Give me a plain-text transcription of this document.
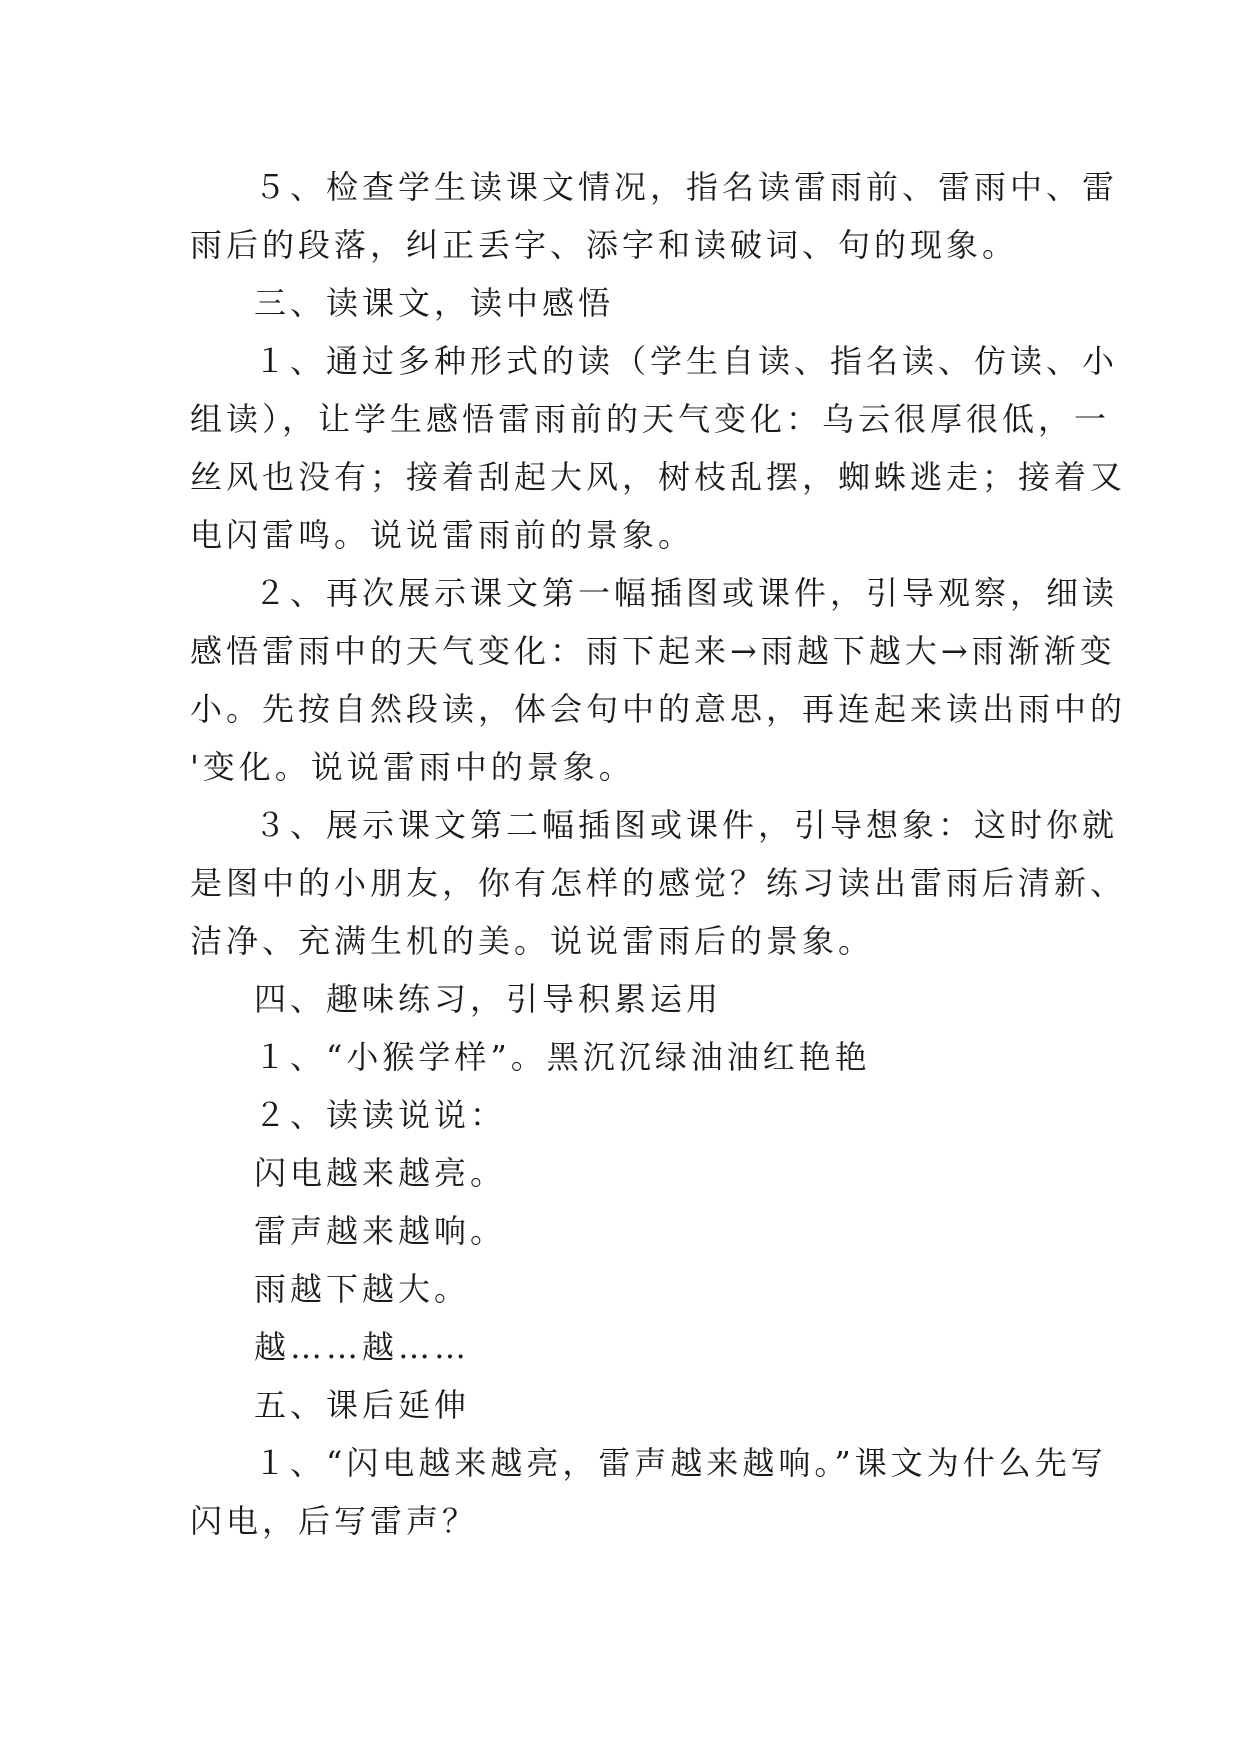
５、检查学生读课文情况，指名读雷雨前、雷雨中、雷
雨后的段落，纠正丢字、添字和读破词、句的现象。
三、读课文，读中感悟
１、通过多种形式的读（学生自读、指名读、仿读、小
组读），让学生感悟雷雨前的天气变化：乌云很厚很低，一
丝风也没有；接着刮起大风，树枝乱摆，蜘蛛逃走；接着又
电闪雷鸣。说说雷雨前的景象。
２、再次展示课文第一幅插图或课件，引导观察，细读
感悟雷雨中的天气变化：雨下起来→雨越下越大→雨渐渐变
小。先按自然段读，体会句中的意思，再连起来读出雨中的
'变化。说说雷雨中的景象。
３、展示课文第二幅插图或课件，引导想象：这时你就
是图中的小朋友，你有怎样的感觉？练习读出雷雨后清新、
洁净、充满生机的美。说说雷雨后的景象。
四、趣味练习，引导积累运用
１、“小猴学样”。黑沉沉绿油油红艳艳
２、读读说说：
闪电越来越亮。
雷声越来越响。
雨越下越大。
越……越……
五、课后延伸
１、“闪电越来越亮，雷声越来越响。”课文为什么先写
闪电，后写雷声？
